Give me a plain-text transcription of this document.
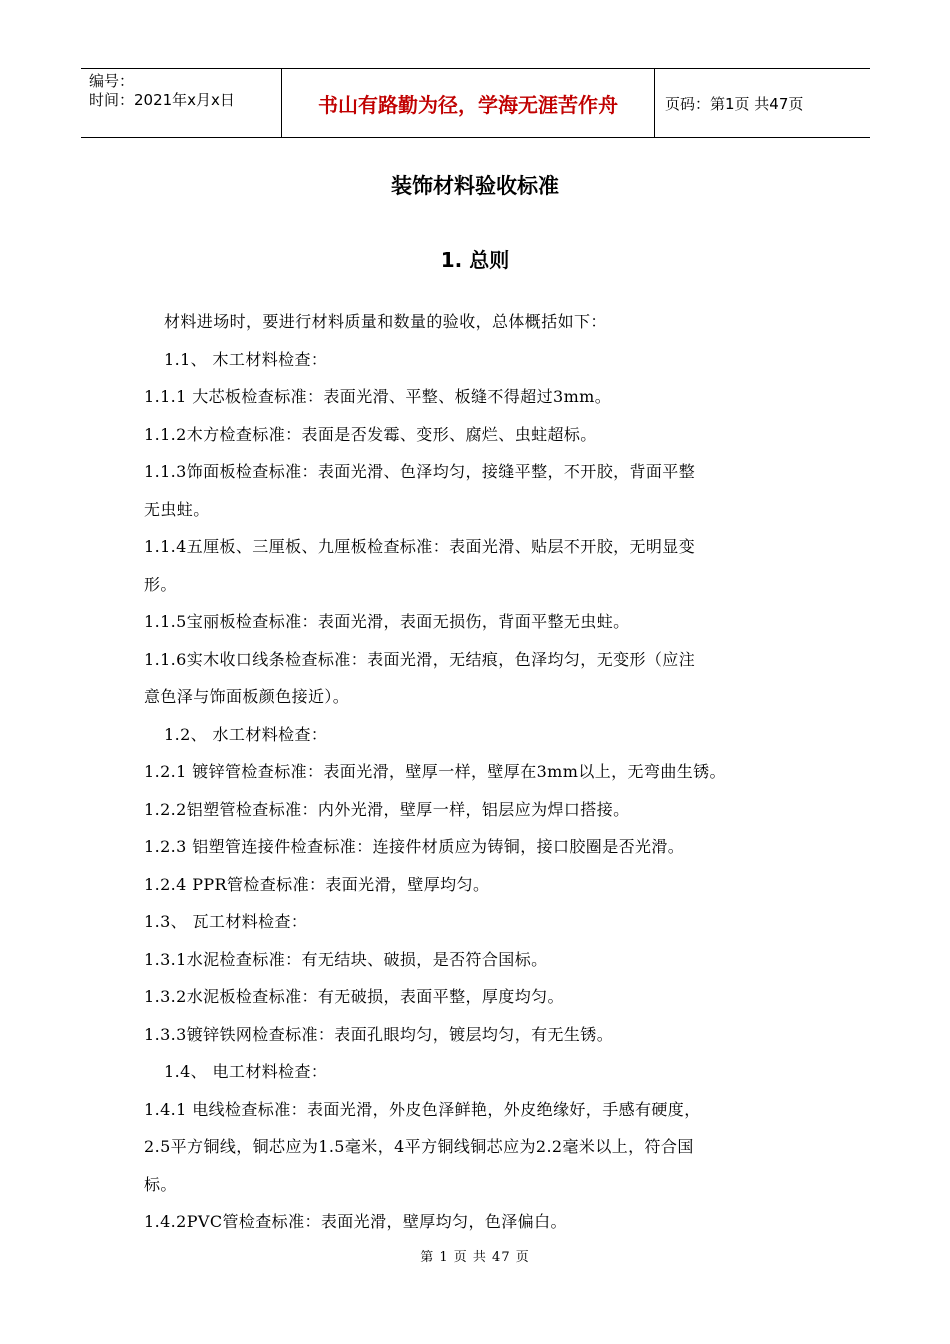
编号：
时间：2021年x月x日	书山有路勤为径，学海无涯苦作舟	页码：第1页 共47页
装饰材料验收标准
1. 总则
材料进场时，要进行材料质量和数量的验收，总体概括如下：
1.1、 木工材料检查：
1.1.1 大芯板检查标准：表面光滑、平整、板缝不得超过3mm。
1.1.2木方检查标准：表面是否发霉、变形、腐烂、虫蛀超标。
1.1.3饰面板检查标准：表面光滑、色泽均匀，接缝平整，不开胶，背面平整
无虫蛀。
1.1.4五厘板、三厘板、九厘板检查标准：表面光滑、贴层不开胶，无明显变
形。
1.1.5宝丽板检查标准：表面光滑，表面无损伤，背面平整无虫蛀。
1.1.6实木收口线条检查标准：表面光滑，无结痕，色泽均匀，无变形（应注
意色泽与饰面板颜色接近）。
1.2、 水工材料检查：
1.2.1 镀锌管检查标准：表面光滑，壁厚一样，壁厚在3mm以上，无弯曲生锈。
1.2.2铝塑管检查标准：内外光滑，壁厚一样，铝层应为焊口搭接。
1.2.3 铝塑管连接件检查标准：连接件材质应为铸铜，接口胶圈是否光滑。
1.2.4 PPR管检查标准：表面光滑，壁厚均匀。
1.3、 瓦工材料检查：
1.3.1水泥检查标准：有无结块、破损，是否符合国标。
1.3.2水泥板检查标准：有无破损，表面平整，厚度均匀。
1.3.3镀锌铁网检查标准：表面孔眼均匀，镀层均匀，有无生锈。
1.4、 电工材料检查：
1.4.1 电线检查标准：表面光滑，外皮色泽鲜艳，外皮绝缘好，手感有硬度，
2.5平方铜线，铜芯应为1.5毫米，4平方铜线铜芯应为2.2毫米以上，符合国
标。
1.4.2PVC管检查标准：表面光滑，壁厚均匀，色泽偏白。
第 1 页 共 47 页
